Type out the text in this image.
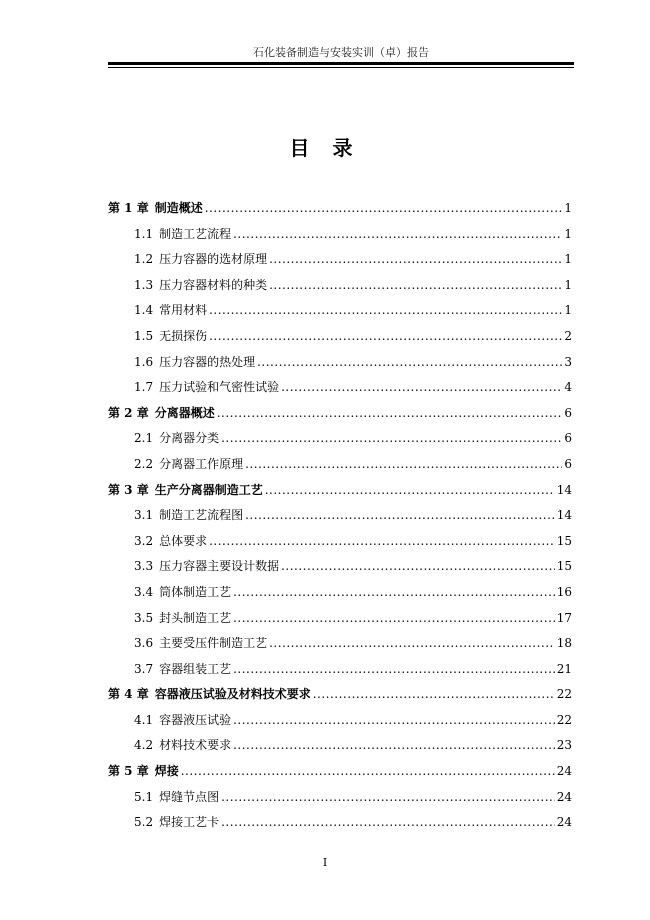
石化装备制造与安装实训（卓）报告
目 录
第 1 章 制造概述 .....	1
1.1 制造工艺流程 .....	1
1.2 压力容器的选材原理 .....	1
1.3 压力容器材料的种类 .....	1
1.4 常用材料 .....	1
1.5 无损探伤 .....	2
1.6 压力容器的热处理 .....	3
1.7 压力试验和气密性试验 .....	4
第 2 章 分离器概述 .....	6
2.1 分离器分类 .....	6
2.2 分离器工作原理 .....	6
第 3 章 生产分离器制造工艺 .....	14
3.1 制造工艺流程图 .....	14
3.2 总体要求 .....	15
3.3 压力容器主要设计数据 .....	15
3.4 筒体制造工艺 .....	16
3.5 封头制造工艺 .....	17
3.6 主要受压件制造工艺 .....	18
3.7 容器组装工艺 .....	21
第 4 章 容器液压试验及材料技术要求 .....	22
4.1 容器液压试验 .....	22
4.2 材料技术要求 .....	23
第 5 章 焊接 .....	24
5.1 焊缝节点图 .....	24
5.2 焊接工艺卡 .....	24
I
